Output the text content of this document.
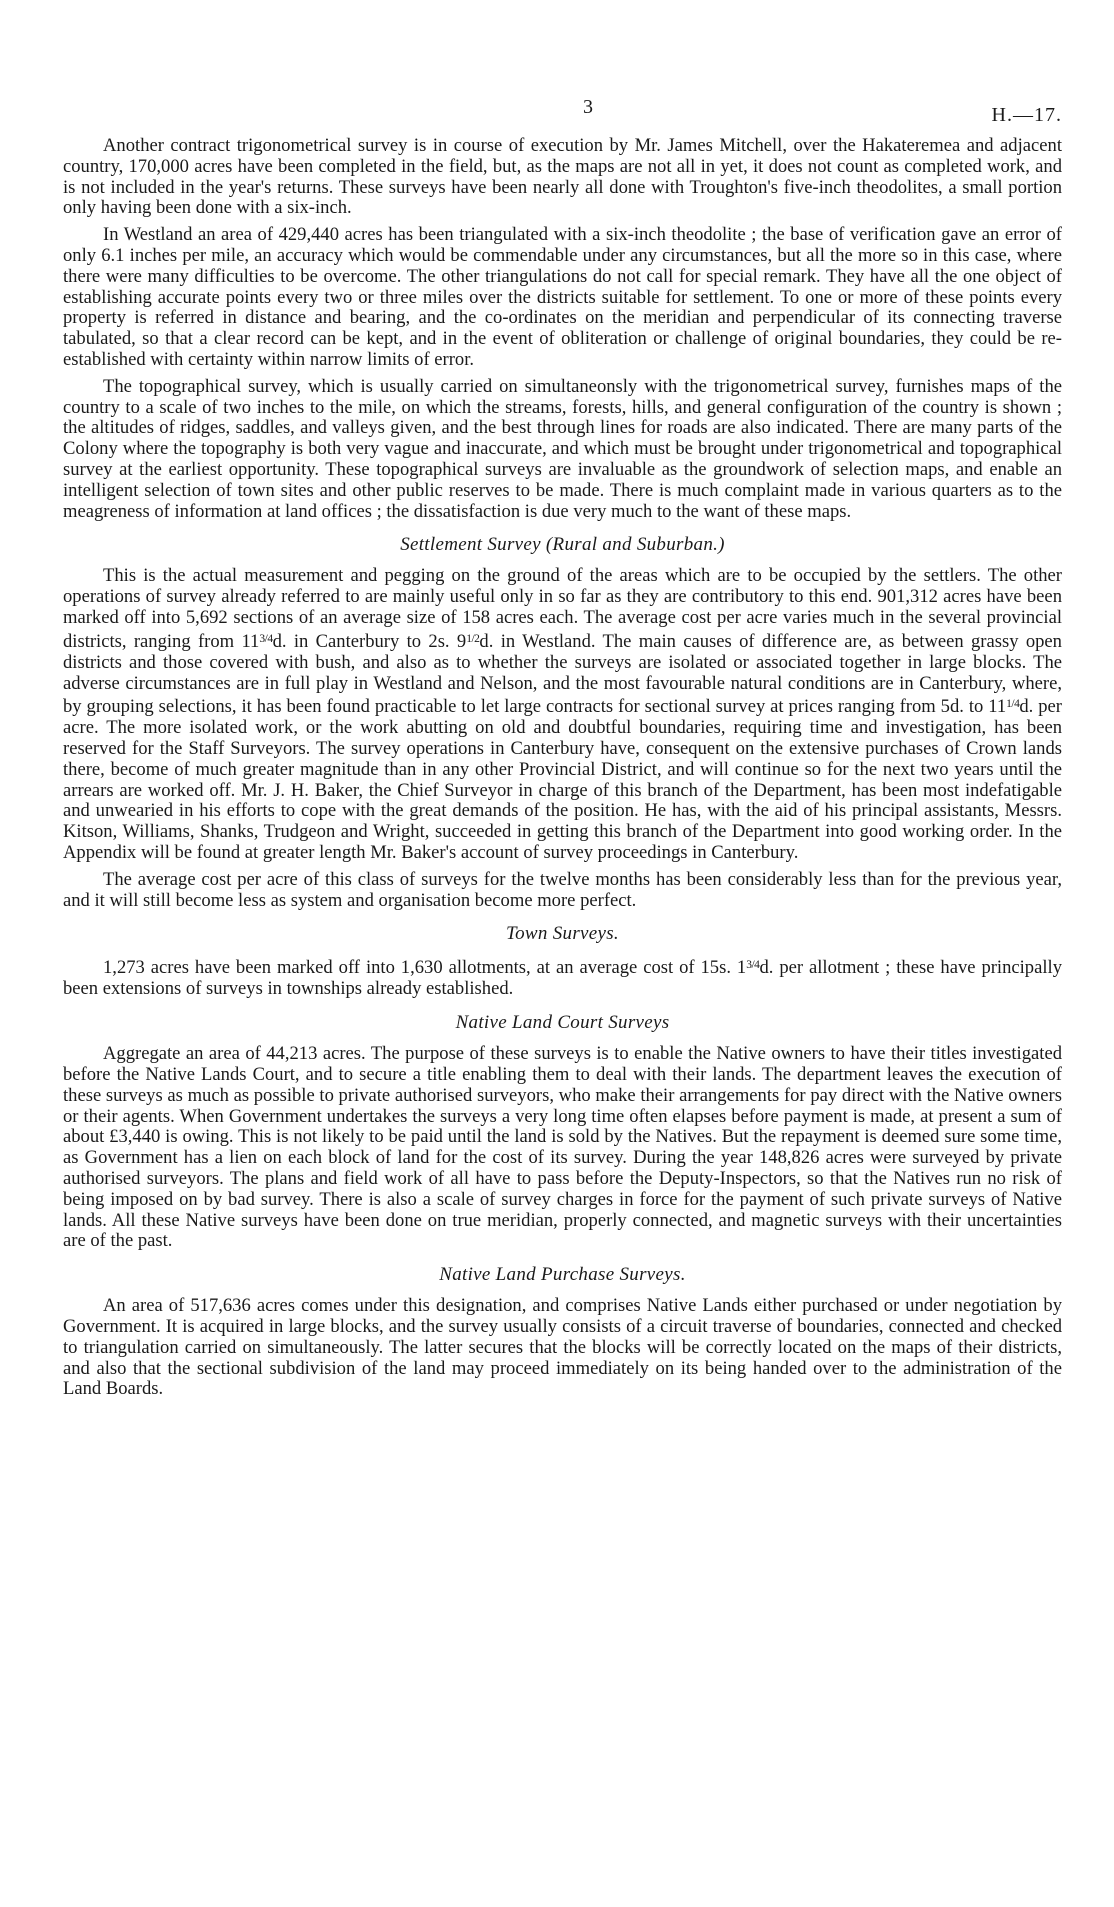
3	H.—17.

Another contract trigonometrical survey is in course of execution by Mr. James Mitchell, over the Hakateremea and adjacent country, 170,000 acres have been completed in the field, but, as the maps are not all in yet, it does not count as completed work, and is not included in the year's returns. These surveys have been nearly all done with Troughton's five-inch theodolites, a small portion only having been done with a six-inch.

In Westland an area of 429,440 acres has been triangulated with a six-inch theodolite ; the base of verification gave an error of only 6.1 inches per mile, an accuracy which would be commendable under any circumstances, but all the more so in this case, where there were many difficulties to be overcome. The other triangulations do not call for special remark. They have all the one object of establishing accurate points every two or three miles over the districts suitable for settlement. To one or more of these points every property is referred in distance and bearing, and the co-ordinates on the meridian and perpendicular of its connecting traverse tabulated, so that a clear record can be kept, and in the event of obliteration or challenge of original boundaries, they could be re-established with certainty within narrow limits of error.

The topographical survey, which is usually carried on simultaneonsly with the trigonometrical survey, furnishes maps of the country to a scale of two inches to the mile, on which the streams, forests, hills, and general configuration of the country is shown ; the altitudes of ridges, saddles, and valleys given, and the best through lines for roads are also indicated. There are many parts of the Colony where the topography is both very vague and inaccurate, and which must be brought under trigonometrical and topographical survey at the earliest opportunity. These topographical surveys are invaluable as the groundwork of selection maps, and enable an intelligent selection of town sites and other public reserves to be made. There is much complaint made in various quarters as to the meagreness of information at land offices ; the dissatisfaction is due very much to the want of these maps.

Settlement Survey (Rural and Suburban.)

This is the actual measurement and pegging on the ground of the areas which are to be occupied by the settlers. The other operations of survey already referred to are mainly useful only in so far as they are contributory to this end. 901,312 acres have been marked off into 5,692 sections of an average size of 158 acres each. The average cost per acre varies much in the several provincial districts, ranging from $11^{3/4}d$. in Canterbury to 2s. $9^{1/2}d$. in Westland. The main causes of difference are, as between grassy open districts and those covered with bush, and also as to whether the surveys are isolated or associated together in large blocks. The adverse circumstances are in full play in Westland and Nelson, and the most favourable natural conditions are in Canterbury, where, by grouping selections, it has been found practicable to let large contracts for sectional survey at prices ranging from 5d. to $11^{1/4}d$. per acre. The more isolated work, or the work abutting on old and doubtful boundaries, requiring time and investigation, has been reserved for the Staff Surveyors. The survey operations in Canterbury have, consequent on the extensive purchases of Crown lands there, become of much greater magnitude than in any other Provincial District, and will continue so for the next two years until the arrears are worked off. Mr. J. H. Baker, the Chief Surveyor in charge of this branch of the Department, has been most indefatigable and unwearied in his efforts to cope with the great demands of the position. He has, with the aid of his principal assistants, Messrs. Kitson, Williams, Shanks, Trudgeon and Wright, succeeded in getting this branch of the Department into good working order. In the Appendix will be found at greater length Mr. Baker's account of survey proceedings in Canterbury.

The average cost per acre of this class of surveys for the twelve months has been considerably less than for the previous year, and it will still become less as system and organisation become more perfect.

Town Surveys.

1,273 acres have been marked off into 1,630 allotments, at an average cost of 15s. $1^{3/4}d$. per allotment ; these have principally been extensions of surveys in townships already established.

Native Land Court Surveys

Aggregate an area of 44,213 acres. The purpose of these surveys is to enable the Native owners to have their titles investigated before the Native Lands Court, and to secure a title enabling them to deal with their lands. The department leaves the execution of these surveys as much as possible to private authorised surveyors, who make their arrangements for pay direct with the Native owners or their agents. When Government undertakes the surveys a very long time often elapses before payment is made, at present a sum of about £3,440 is owing. This is not likely to be paid until the land is sold by the Natives. But the repayment is deemed sure some time, as Government has a lien on each block of land for the cost of its survey. During the year 148,826 acres were surveyed by private authorised surveyors. The plans and field work of all have to pass before the Deputy-Inspectors, so that the Natives run no risk of being imposed on by bad survey. There is also a scale of survey charges in force for the payment of such private surveys of Native lands. All these Native surveys have been done on true meridian, properly connected, and magnetic surveys with their uncertainties are of the past.

Native Land Purchase Surveys.

An area of 517,636 acres comes under this designation, and comprises Native Lands either purchased or under negotiation by Government. It is acquired in large blocks, and the survey usually consists of a circuit traverse of boundaries, connected and checked to triangulation carried on simultaneously. The latter secures that the blocks will be correctly located on the maps of their districts, and also that the sectional subdivision of the land may proceed immediately on its being handed over to the administration of the Land Boards.
